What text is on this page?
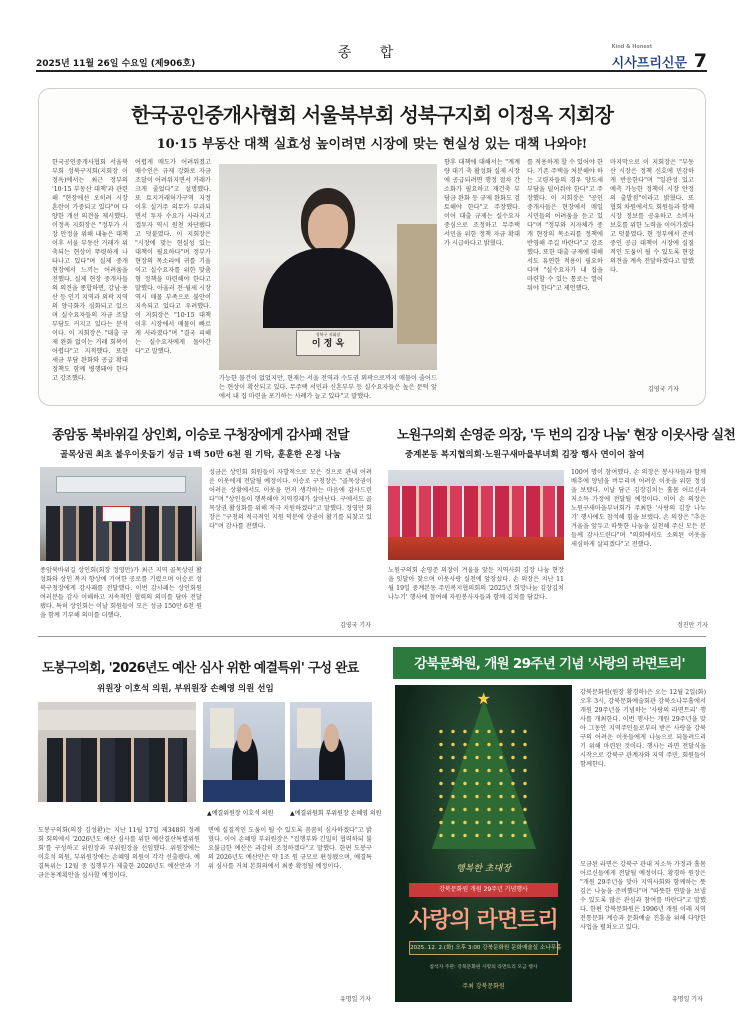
2025년 11월 26일 수요일 (제906호)
종 합	Kind & Honest
시사프리신문 7
한국공인중개사협회 서울북부회 성북구지회 이정옥 지회장
10·15 부동산 대책 실효성 높이려면 시장에 맞는 현실성 있는 대책 나와야!
한국공인중개사협회 서울북부회 성북구지회(지회장 이정옥)에서는 최근 정부의 '10·15 부동산 대책'과 관련해 "현장에선 오히려 시장 혼란이 가중되고 있다"며 다양한 개선 의견을 제시했다. 이정옥 지회장은 "정부가 시장 안정을 위해 내놓은 대책 이후 서울 부동산 거래가 위축되는 현상이 뚜렷하게 나타나고 있다"며 실제 중개 현장에서 느끼는 어려움을 전했다. 실제 현장 중개사들의 의견을 종합하면, 강남·용산 등 인기 지역과 외곽 지역의 양극화가 심화되고 있으며 실수요자들의 자금 조달 부담도 커지고 있다는 분석이다. 이 지회장은 "대출 규제 완화 없이는 거래 회복이 어렵다"고 지적했다. 또한 세금 부담 완화와 공급 확대 정책도 함께 병행돼야 한다고 강조했다.
어렵게 매도가 어려워졌고 매수인은 규제 강화로 자금 조달이 어려워지면서 거래가 크게 줄었다"고 설명했다. 또 토지거래허가구역 지정 이후 실거주 의무가 부과되면서 투자 수요가 사라지고 갭투자 역시 원천 차단됐다고 덧붙였다. 이 지회장은 "시장에 맞는 현실성 있는 대책이 필요하다"며 정부가 현장의 목소리에 귀를 기울이고 실수요자를 위한 맞춤형 정책을 마련해야 한다고 말했다. 아울러 전·월세 시장 역시 매물 부족으로 불안이 지속되고 있다고 우려했다. 이 지회장은 "10·15 대책 이후 시장에서 매물이 빠르게 사라졌다"며 "결국 피해는 실수요자에게 돌아간다"고 말했다.
성북구 지회장
이 정 옥
가능한 물건이 없었지만, 현재는 서울 전역과 수도권 외곽으로까지 매물이 줄어드는 현상이 확산되고 있다. 무주택 서민과 신혼부부 등 실수요자들은 높은 문턱 앞에서 내 집 마련을 포기하는 사례가 늘고 있다"고 말했다.
향후 대책에 대해서는 "계계량 대기 축 활성화 실제 시장에 공급되려면 행정 절차 간소화가 필요하고 재건축 부담금 완화 등 규제 완화도 검토해야 한다"고 주장했다. 이어 대출 규제는 실수요자 중심으로 조정하고 무주택 서민을 위한 정책 자금 확대가 시급하다고 밝혔다.
를 적용하게 할 수 있어야 한다. 기존 주택을 처분해야 하는 고령자들의 경우 양도세 부담을 덜어줘야 한다"고 주장했다. 이 지회장은 "공인중개사들은 현장에서 매일 시민들의 어려움을 듣고 있다"며 "정부와 지자체가 중개 현장의 목소리를 정책에 반영해 주길 바란다"고 강조했다. 또한 대출 규제에 대해서도 유연한 적용이 필요하다며 "실수요자가 내 집을 마련할 수 있는 통로는 열어둬야 한다"고 제언했다.
마지막으로 이 지회장은 "부동산 시장은 정책 신호에 민감하게 반응한다"며 "일관성 있고 예측 가능한 정책이 시장 안정의 출발점"이라고 밝혔다. 또 협회 차원에서도 회원들과 함께 시장 정보를 공유하고 소비자 보호를 위한 노력을 이어가겠다고 덧붙였다. 현 정부에서 준비 중인 공급 대책이 시장에 실질적인 도움이 될 수 있도록 현장 의견을 계속 전달하겠다고 말했다.
김영국 기자
종암동 북바위길 상인회, 이승로 구청장에게 감사패 전달
골목상권 최초 불우이웃돕기 성금 1백 50만 6천 원 기탁, 훈훈한 온정 나눔
종암북바위길 상인회(회장 정영만)가 최근 지역 골목상권 활성화와 상인 복지 향상에 기여한 공로를 기렸으며 이승로 성북구청장에게 감사패를 전달했다. 이번 감사패는 상인회원 여러분들 감사 이해하고 지속적인 협력의 의미를 담아 전달됐다. 특히 상인회는 이날 회원들이 모은 성금 150만 6천 원을 함께 기부해 의미를 더했다.
성금은 상인회 회원들이 자발적으로 모은 것으로 관내 어려운 이웃에게 전달될 예정이다. 이승로 구청장은 "골목상권이 어려운 상황에서도 이웃을 먼저 생각하는 마음에 감사드린다"며 "상인들이 행복해야 지역경제가 살아난다. 구에서도 골목상권 활성화를 위해 적극 지원하겠다"고 말했다. 정영만 회장은 "구청의 적극적인 지원 덕분에 상권이 활기를 되찾고 있다"며 감사를 전했다.
김영국 기자
노원구의회 손영준 의장, '두 번의 김장 나눔' 현장 이웃사랑 실천
중계본동 복지협의회·노원구새마을부녀회 김장 행사 연이어 참여
노원구의회 손영준 의장이 겨울을 앞둔 지역사회 김장 나눔 현장을 잇달아 찾으며 이웃사랑 실천에 앞장섰다. 손 의장은 지난 11월 19일 중계본동 주민복지협의회의 '2025년 희망나눔 김장김치 나누기' 행사에 참여해 자원봉사자들과 함께 김치를 담갔다.
100여 명이 참여했다. 손 의장은 봉사자들과 함께 배추에 양념을 버무리며 어려운 이웃을 위한 정성을 보탰다. 이날 담근 김장김치는 홀몸 어르신과 저소득 가정에 전달될 예정이다. 이어 손 의장은 노원구새마을부녀회가 주최한 '사랑의 김장 나누기' 행사에도 참석해 힘을 보탰다. 손 의장은 "추운 겨울을 앞두고 따뜻한 나눔을 실천해 주신 모든 분들께 감사드린다"며 "의회에서도 소외된 이웃을 세심하게 살피겠다"고 전했다.
정진만 기자
도봉구의회, '2026년도 예산 심사 위한 예결특위' 구성 완료
위원장 이호석 의원, 부위원장 손혜영 의원 선임
▲예결위원장 이호석 의원	▲예결위원회 부위원장 손혜영 의원
도봉구의회(의장 김성환)는 지난 11월 17일 제348회 정례회 회의에서 '2026년도 예산 심사를 위한 예산결산특별위원회'를 구성하고 위원장과 부위원장을 선임했다. 위원장에는 이호석 의원, 부위원장에는 손혜영 의원이 각각 선출됐다. 예결특위는 12월 중 집행부가 제출한 2026년도 예산안과 기금운용계획안을 심사할 예정이다.
면에 실질적인 도움이 될 수 있도록 꼼꼼히 심사하겠다"고 밝혔다. 이어 손혜영 부위원장은 "집행부와 긴밀히 협력하되 불요불급한 예산은 과감히 조정하겠다"고 말했다. 한편 도봉구의 2026년도 예산안은 약 1조 원 규모로 편성됐으며, 예결특위 심사를 거쳐 본회의에서 최종 확정될 예정이다.
유명일 기자
강북문화원, 개원 29주년 기념 '사랑의 라면트리'
★
행복한 초대장
강북문화원 개원 29주년 기념행사
사랑의 라면트리
2025. 12. 2.(화) 오후 3:00 강북문화원 문화예술실 소나무홀
참석자 주관: 강북문화원 사랑의 라면트리 모금 행사
주최 강북문화원
강북문화원(원장 황경하)은 오는 12월 2일(화) 오후 3시, 강북문화예술회관 강북소나무홀에서 개원 29주년을 기념하는 '사랑의 라면트리' 행사를 개최한다. 이번 행사는 개원 29주년을 맞아 그동안 지역주민들로부터 받은 사랑을 강북구의 어려운 이웃들에게 나눔으로 되돌려드리기 위해 마련된 것이다. 행사는 라면 전달식을 시작으로 강북구 관계자와 지역 주민, 회원들이 함께한다.
모금된 라면은 강북구 관내 저소득 가정과 홀몸 어르신들에게 전달될 예정이다. 황경하 원장은 "개원 29주년을 맞아 지역사회와 함께하는 뜻깊은 나눔을 준비했다"며 "따뜻한 연말을 보낼 수 있도록 많은 관심과 참여를 바란다"고 말했다. 한편 강북문화원은 1996년 개원 이래 지역 전통문화 계승과 문화예술 진흥을 위해 다양한 사업을 펼쳐오고 있다.
유명일 기자
